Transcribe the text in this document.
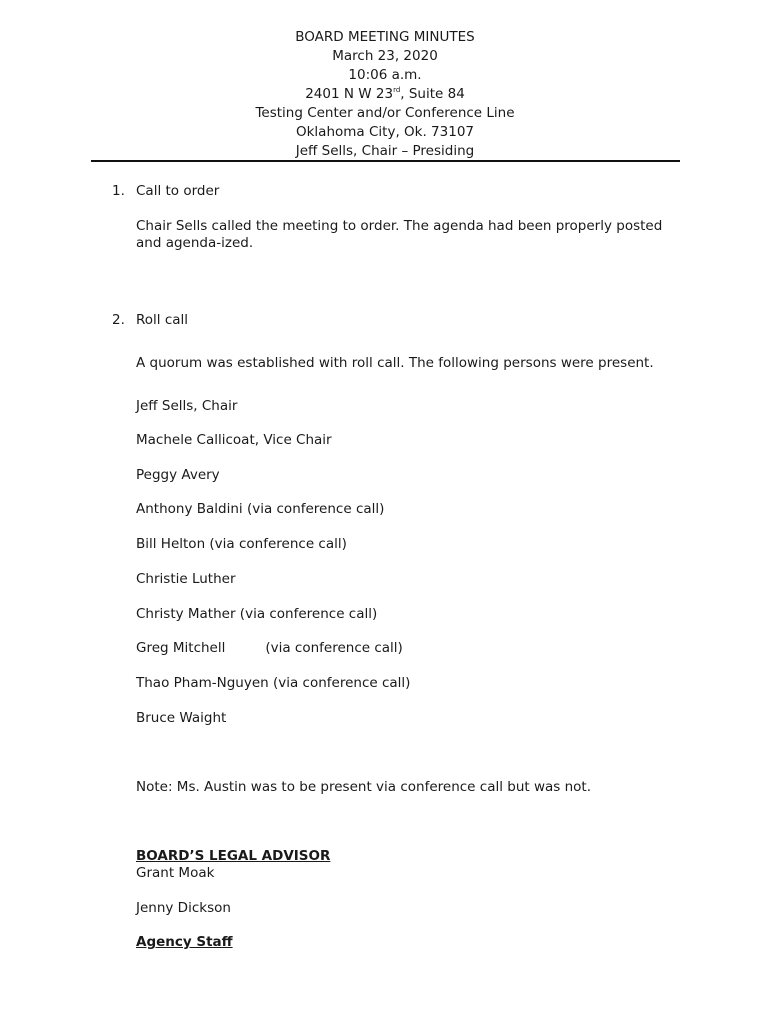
BOARD MEETING MINUTES
March 23, 2020
10:06 a.m.
2401 N W 23rd, Suite 84
Testing Center and/or Conference Line
Oklahoma City, Ok. 73107
Jeff Sells, Chair – Presiding
1. Call to order
Chair Sells called the meeting to order. The agenda had been properly posted and agenda-ized.
2. Roll call
A quorum was established with roll call. The following persons were present.
Jeff Sells, Chair
Machele Callicoat, Vice Chair
Peggy Avery
Anthony Baldini (via conference call)
Bill Helton (via conference call)
Christie Luther
Christy Mather (via conference call)
Greg Mitchell	(via conference call)
Thao Pham-Nguyen (via conference call)
Bruce Waight
Note: Ms. Austin was to be present via conference call but was not.
BOARD’S LEGAL ADVISOR
Grant Moak
Jenny Dickson
Agency Staff
